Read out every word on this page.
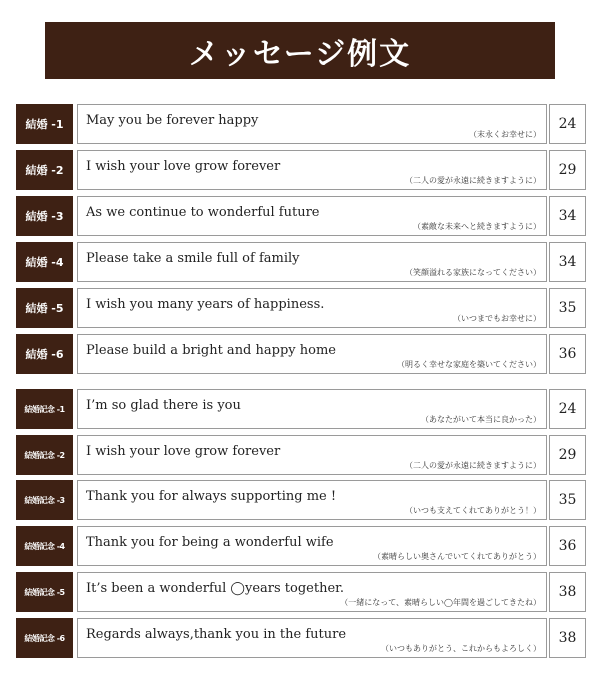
メッセージ例文
結婚 -1	May you be forever happy
（末永くお幸せに）
24
結婚 -2	I wish your love grow forever
（二人の愛が永遠に続きますように）
29
結婚 -3	As we continue to wonderful future
（素敵な未来へと続きますように）
34
結婚 -4	Please take a smile full of family
（笑顔溢れる家族になってください）
34
結婚 -5	I wish you many years of happiness.
（いつまでもお幸せに）
35
結婚 -6	Please build a bright and happy home
（明るく幸せな家庭を築いてください）
36
結婚記念 -1	I’m so glad there is you
（あなたがいて本当に良かった）
24
結婚記念 -2	I wish your love grow forever
（二人の愛が永遠に続きますように）
29
結婚記念 -3	Thank you for always supporting me !
（いつも支えてくれてありがとう！）
35
結婚記念 -4	Thank you for being a wonderful wife
（素晴らしい奥さんでいてくれてありがとう）
36
結婚記念 -5	It’s been a wonderful ◯years together.
（一緒になって、素晴らしい◯年間を過ごしてきたね）
38
結婚記念 -6	Regards always,thank you in the future
（いつもありがとう、これからもよろしく）
38
